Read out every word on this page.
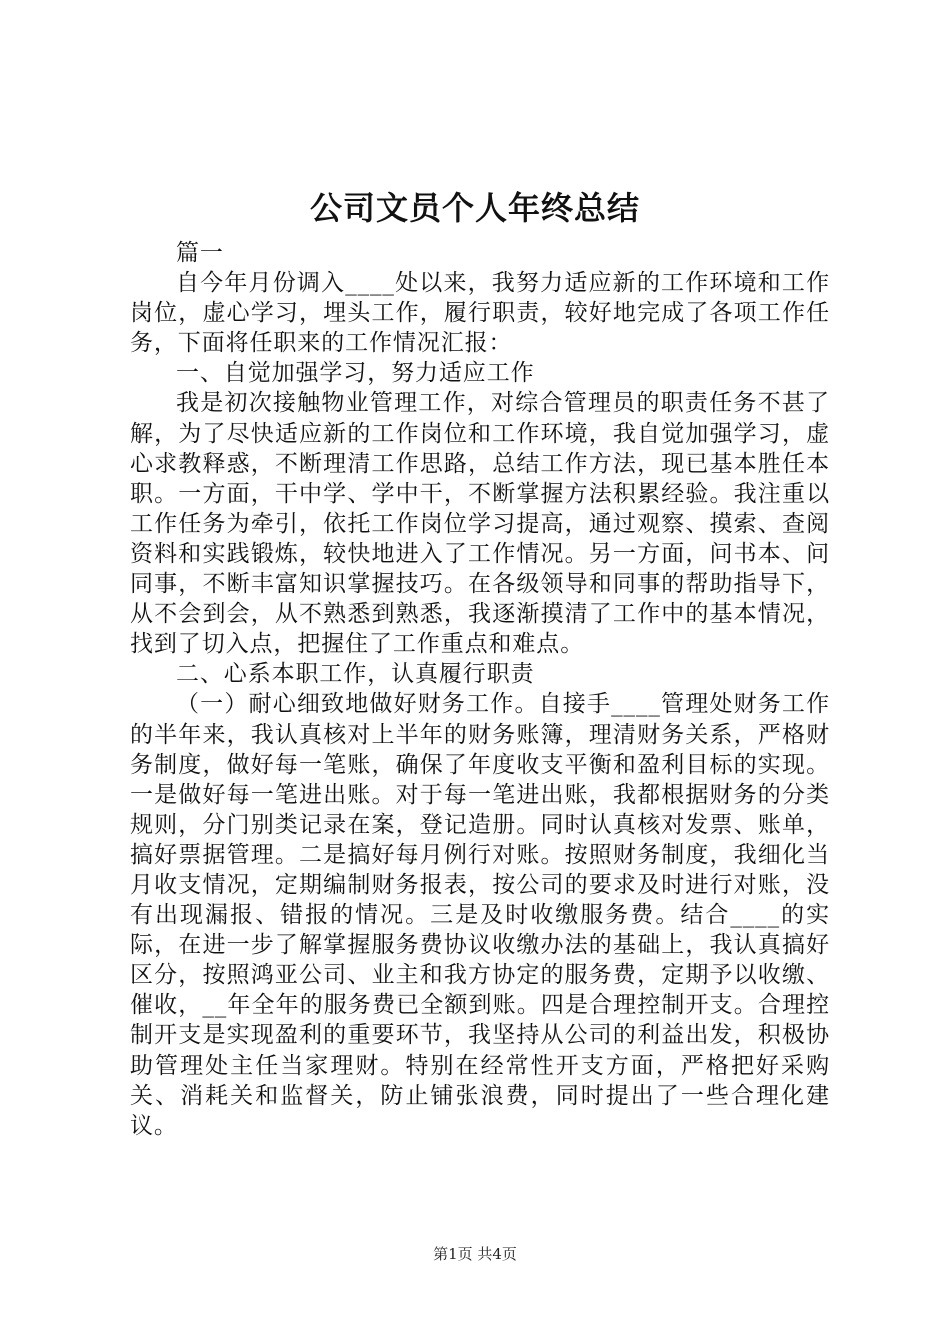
公司文员个人年终总结

篇一

自今年月份调入____处以来，我努力适应新的工作环境和工作岗位，虚心学习，埋头工作，履行职责，较好地完成了各项工作任务，下面将任职来的工作情况汇报：

一、自觉加强学习，努力适应工作

我是初次接触物业管理工作，对综合管理员的职责任务不甚了解，为了尽快适应新的工作岗位和工作环境，我自觉加强学习，虚心求教释惑，不断理清工作思路，总结工作方法，现已基本胜任本职。一方面，干中学、学中干，不断掌握方法积累经验。我注重以工作任务为牵引，依托工作岗位学习提高，通过观察、摸索、查阅资料和实践锻炼，较快地进入了工作情况。另一方面，问书本、问同事，不断丰富知识掌握技巧。在各级领导和同事的帮助指导下，从不会到会，从不熟悉到熟悉，我逐渐摸清了工作中的基本情况，找到了切入点，把握住了工作重点和难点。

二、心系本职工作，认真履行职责

（一）耐心细致地做好财务工作。自接手____管理处财务工作的半年来，我认真核对上半年的财务账簿，理清财务关系，严格财务制度，做好每一笔账，确保了年度收支平衡和盈利目标的实现。一是做好每一笔进出账。对于每一笔进出账，我都根据财务的分类规则，分门别类记录在案，登记造册。同时认真核对发票、账单，搞好票据管理。二是搞好每月例行对账。按照财务制度，我细化当月收支情况，定期编制财务报表，按公司的要求及时进行对账，没有出现漏报、错报的情况。三是及时收缴服务费。结合____的实际，在进一步了解掌握服务费协议收缴办法的基础上，我认真搞好区分，按照鸿亚公司、业主和我方协定的服务费，定期予以收缴、催收，__年全年的服务费已全额到账。四是合理控制开支。合理控制开支是实现盈利的重要环节，我坚持从公司的利益出发，积极协助管理处主任当家理财。特别在经常性开支方面，严格把好采购关、消耗关和监督关，防止铺张浪费，同时提出了一些合理化建议。

第1页 共4页
